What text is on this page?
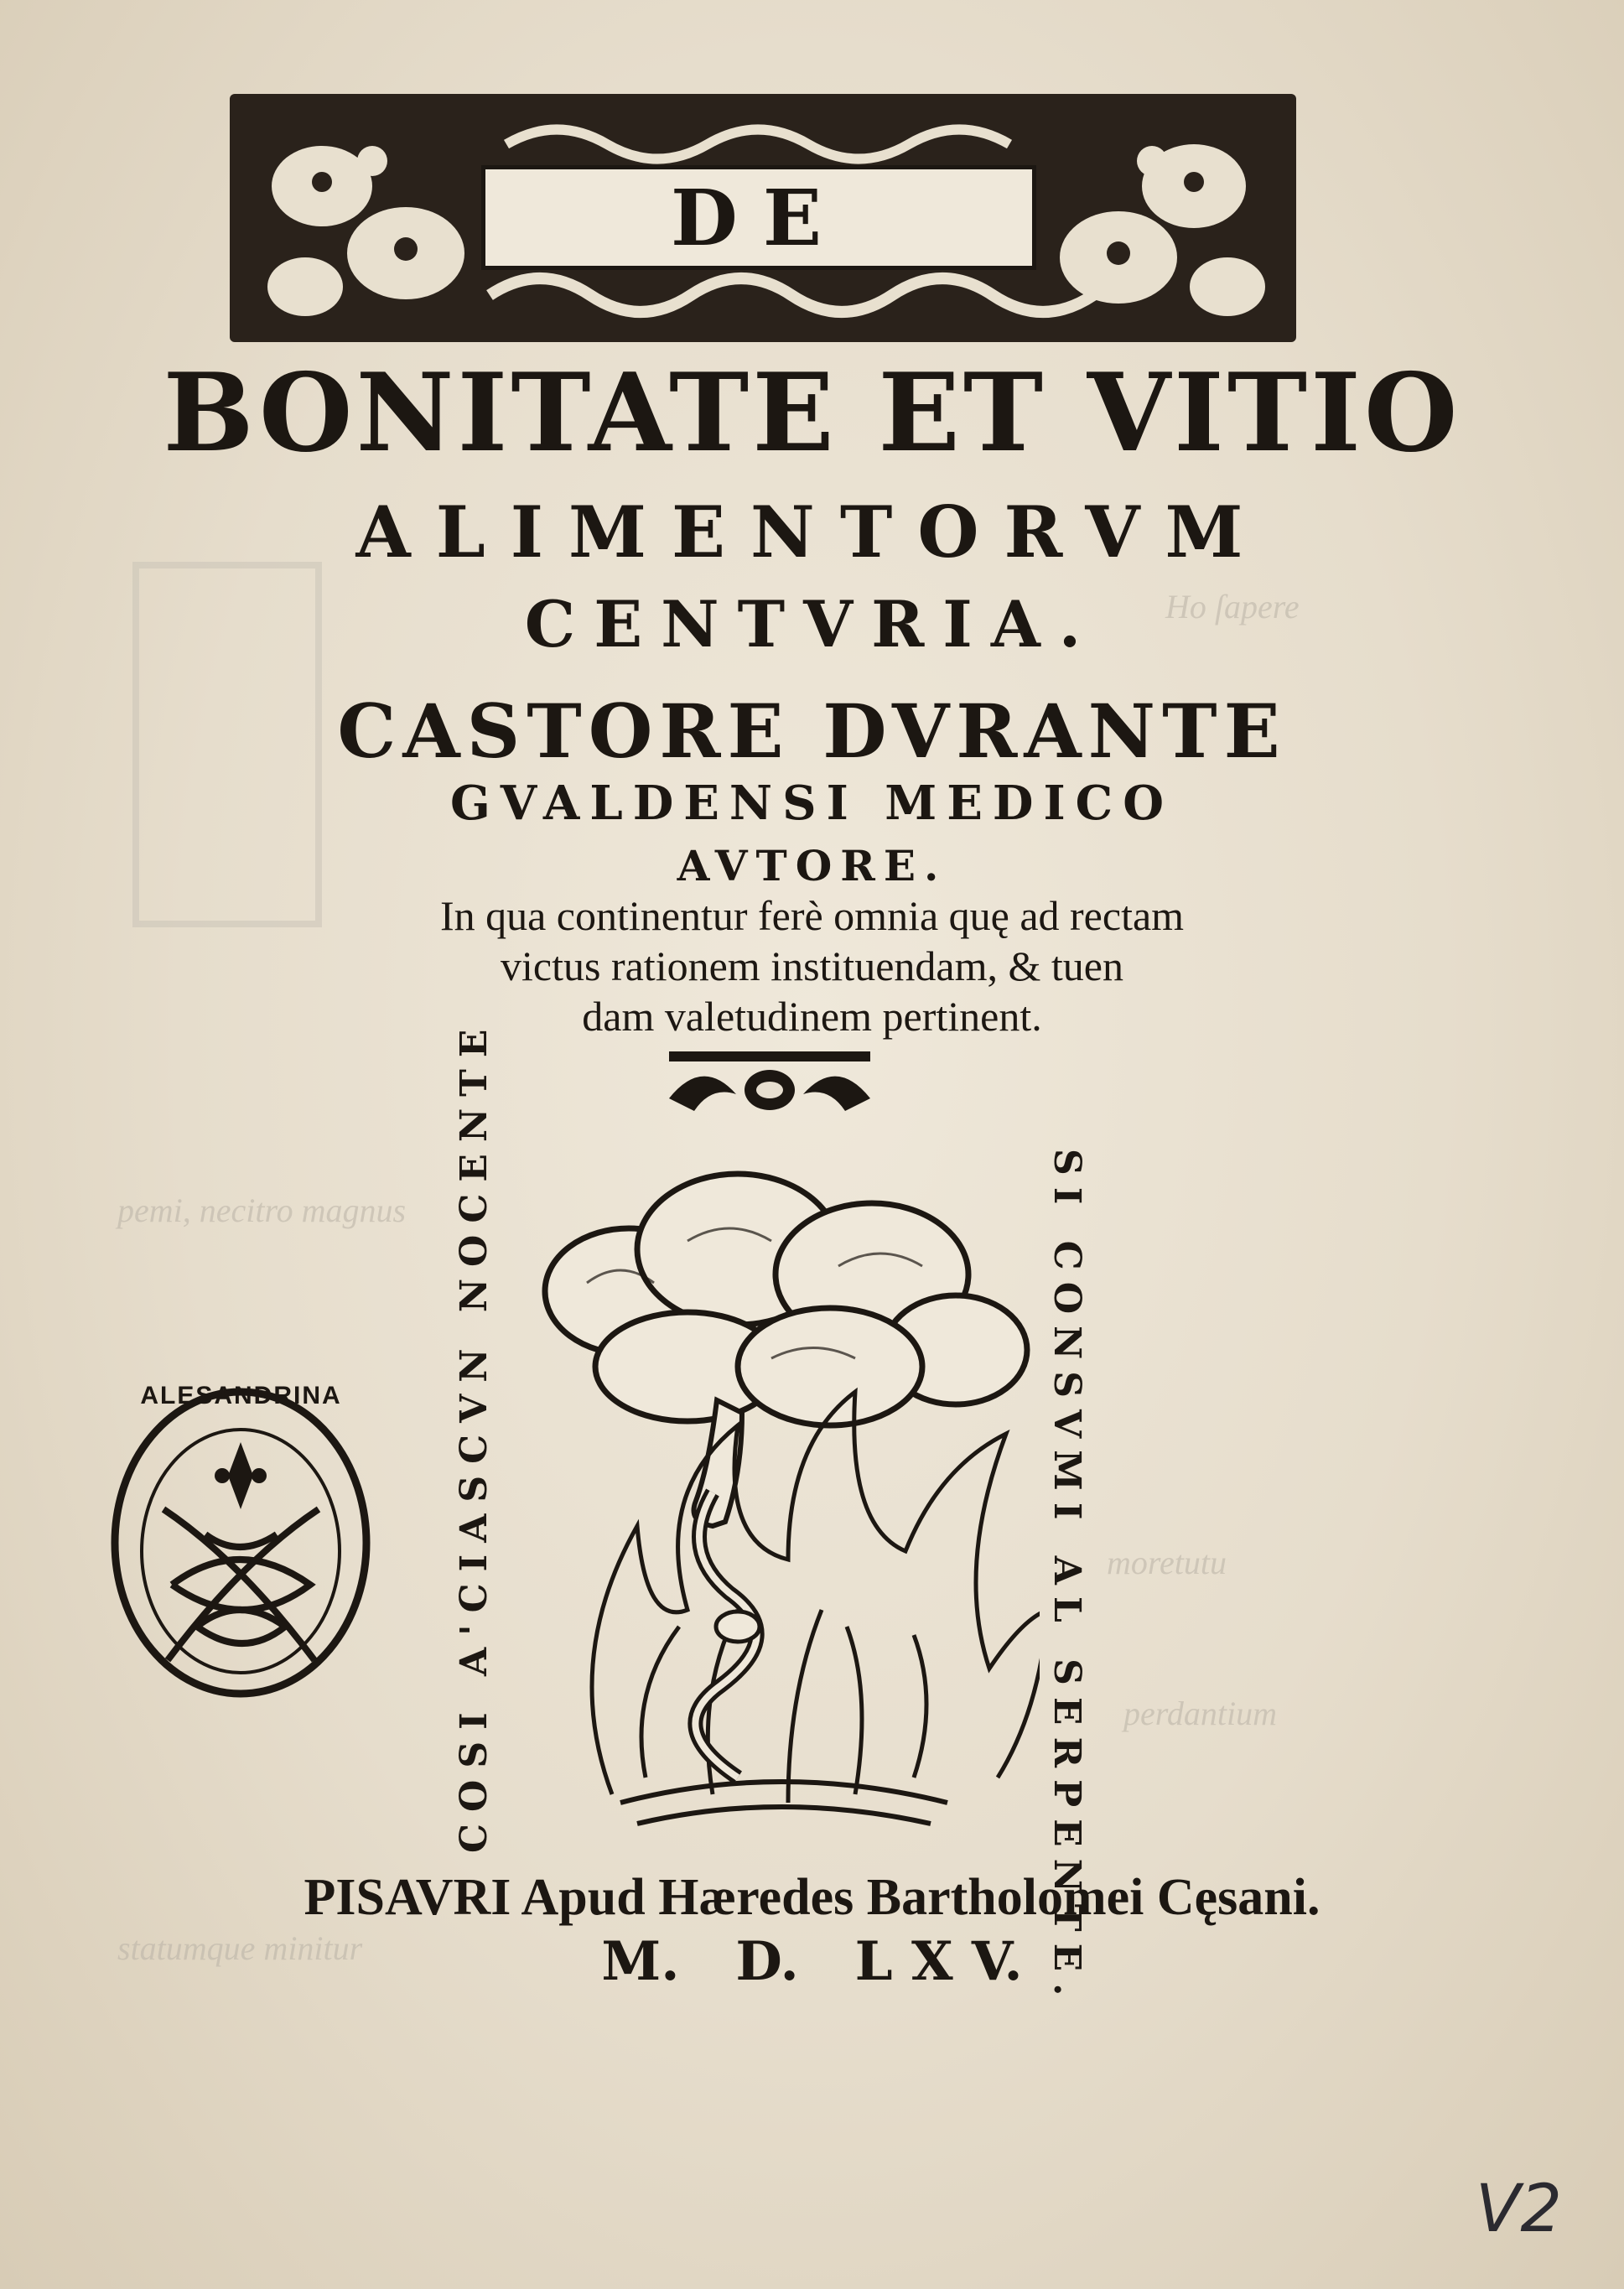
Ho ſapere
pemi, necitro magnus
moretutu
perdantium
statumque minitur
DE
BONITATE ET VITIO
ALIMENTORVM
CENTVRIA.
CASTORE DVRANTE
GVALDENSI MEDICO
AVTORE.
In qua continentur ferè omnia quę ad rectam
victus rationem instituendam, & tuen
dam valetudinem pertinent.
COSI A'CIASCVN NOCENTE	SI CONSVMI AL SERPENTE.
ALESANDRINA
PISAVRI Apud Hæredes Bartholomei Cęsani.
M.   D.   L X V.
V2
